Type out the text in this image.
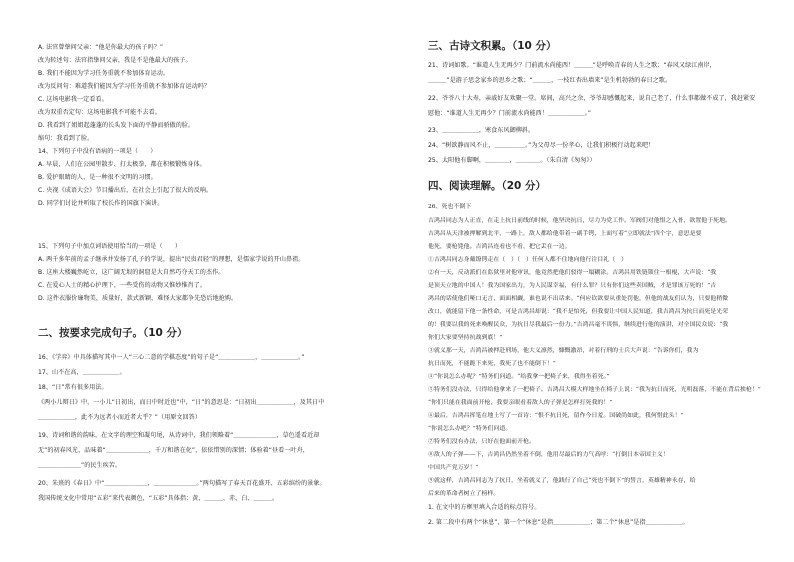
A. 法官曾挚问父亲：“他是你最大的孩子吗？”
改为转述句：法官指挚问父亲，我是不是他最大的孩子。
B. 我们不能因为学习任务重就不参加体育运动。
改为反问句：难道我们能因为学习任务重就不参加体育运动吗？
C. 这场电影我一定看看。
改为双重否定句：这场电影我不可能不去看。
D. 我看到了姐姐起蓬蓬的长头发下面的平静而骄傲的脸。
缩句：我看到了脸。
14、下列句子中没有语病的一项是（　　）
A. 早晨，人们在公园里散步、打太极拳，都在积极锻炼身体。
B. 爱护眼睛的人，是一种很不文明的习惯。
C. 央视《成语大会》节目播出后，在社会上引起了很大的反响。
D. 同学们讨论并听取了校长作的国旗下演讲。
15、下列句子中加点词语使用恰当的一项是（　　）
A. 两千多年前的孟子继承并发扬了孔子的学说，提出“民贵君轻”的理想，是儒家学说的开山鼻祖。
B. 这座大楼巍然屹立，这广阔无垠的洞窟是大自然巧夺天工的杰作。
C. 在爱心人士的精心护理下，一些受伤的动物又惟妙惟肖了。
D. 这件衣服价廉物美，质量好，款式新颖，难怪大家都争先恐后地抢购。
二、按要求完成句子。（10 分）
16、《学弈》中具体描写其中一人“三心二意的学棋态度”的句子是“＿＿＿＿＿＿，＿＿＿＿＿＿。”
17、山不在高，＿＿＿＿＿＿。
18、“日”常有很多用法。
《两小儿辩日》中，一小儿“日初出，而日中时近也”中，“日”的意思是：“日初出＿＿＿＿＿＿，及其日中
＿＿＿＿＿＿，此不为远者小而近者大乎？”（用原文回答）
19、诗词和谐的韵味，在文字的理空和凝句尾，从诗词中，我们领略着“＿＿＿＿＿＿＿，草色遥看近却
无”的初春风光，品味着“＿＿＿＿＿＿＿，千万和谐在化”，依依惜别的深情；体验着“昼看一叶舟，
＿＿＿＿＿＿＿”的民生疾苦。
20、朱熹的《春日》中“＿＿＿＿＿＿＿，＿＿＿＿＿＿＿。”两句描写了春天百花盛开、五彩缤纷的景象。
我国传统文化中常用“五彩”来代表颜色，“五彩”具体指：黄、＿＿＿、赤、白、＿＿＿。
三、古诗文积累。（10 分）
21、诗词如歌。“谁道人生无再少？门前流水尚能西！＿＿＿”是呼唤青春的人生之歌；“春风又绿江南岸，
＿＿＿”是游子思念家乡的思乡之歌；“＿＿＿，一枝红杏出墙来”是生机勃勃的春日之歌。
22、爷爷八十大寿，亲戚好友欢聚一堂。席间，高兴之余，爷爷却感慨起来，说自己老了，什么事都做不成了，我赶紧安
慰他：“谁道人生无再少？门前流水尚能西！＿＿＿＿＿＿。”
23、＿＿＿＿＿＿，寒食东风御柳斜。
24、“树欲静而风不止，＿＿＿＿＿。”为父母尽一份孝心，让我们积极行动起来吧！
25、太阳他有脚啊，＿＿＿＿，＿＿＿＿。（朱自清《匆匆》）
四、阅读理解。（20 分）
26、死也不倒下
吉鸿昌同志为人正直，在走上抗日前线的时候，他坚决抗日，尽力为党工作。军阀们对他恨之入骨，欲置他于死地。
吉鸿昌从天津被押解到北平，一路上，敌人都给他带着一副手铐，上面写着“立即就法”四个字，意思是要
他死，要枪毙他。吉鸿昌连看也不看，把它丢在一边。
①吉鸿昌同志身戴镣铐走在（　）（　）任何人都不住地向他行注目礼（　）
②有一天，反动派们在监狱里对他审讯，他竟然把他们驳得一塌糊涂。吉鸿昌用铁链锁住一根棍，大声说：“我
是顶天立地的中国人！我为国家出力，为人民谋幸福，有什么罪？只有你们这些卖国贼，才是罪该万死的！”吉
鸿昌的话使他们哑口无言，面面相觑，谁也说不出话来。“何应钦欲要从重处罚他，但他的战友们认为，只要他稍微
改口，就能留下他一条性命，可是吉鸿昌却说：“我不是怕死，但我要让中国人民知道，我吉鸿昌为抗日而死是光荣
的！我要以我的死来唤醒民众，为抗日尽我最后一份力。”吉鸿昌毫不畏惧，继续进行他的演讲，对全国民众说：“我
你们大家要坚持抗战到底！”
③就义那一天，吉鸿昌被押赴刑场，他大义凛然，慷慨激昂，对着行刑的士兵大声说：“告诉你们，我为
抗日而死，不能跪下来死，我死了也不能倒下！”
④“你说怎么办呢？”特务们问道。“给我拿一把椅子来，我得坐着死。”
⑤特务们没办法，只得给他拿来了一把椅子。吉鸿昌大模大样地坐在椅子上说：“我为抗日而死，光明磊落，不能在背后挨枪！”
“你们只能在我面前开枪，我要亲眼看着敌人的子弹是怎样打死我的！”
⑥最后，吉鸿昌挥笔在地上写了一首诗：“恨不抗日死，留作今日羞。国破尚如此，我何惜此头！”
“你说怎么办吧？”特务们问道。
⑦特务们没有办法，只好在他面前开枪。
⑧敌人的子弹——下，吉鸿昌仍然坐着不倒，他用尽最后的力气高呼：“打倒日本帝国主义！
中国共产党万岁！”
⑨就这样，吉鸿昌同志为了抗日，坐着就义了，他践行了自己“死也不倒下”的誓言，英雄精神永存，给
后来的革命者树立了榜样。
1. 在文中的方框里填入合适的标点符号。
2. 第二段中有两个“休息”，第一个“休息”是指＿＿＿＿＿＿；第二个“休息”是指＿＿＿＿＿＿。
